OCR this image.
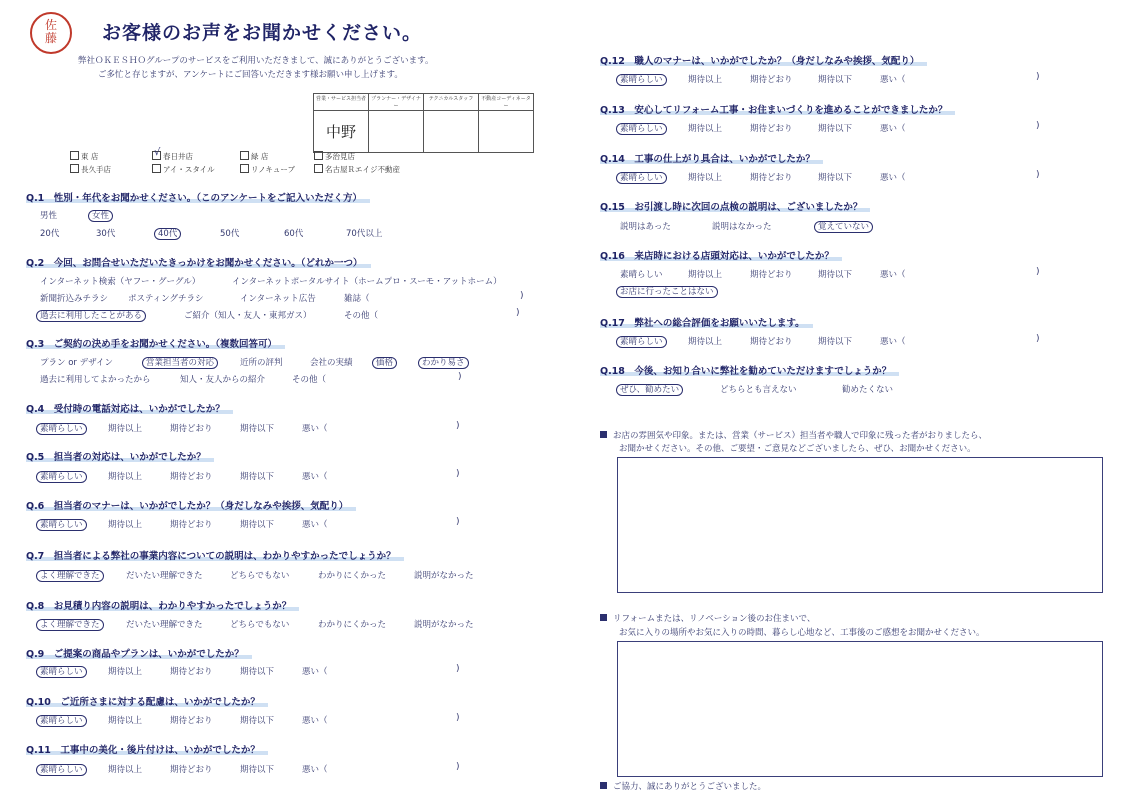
佐藤 お客様のお声をお聞かせください。
弊社ＯＫＥＳＨＯグループのサービスをご利用いただきまして、誠にありがとうございます。
ご多忙と存じますが、アンケートにご回答いただきます様お願い申し上げます。
営業・サービス担当者	プランナー・デザイナー	テクニカルスタッフ	不動産コーディネーター
中野			
東 店	√ 春日井店	緑 店	多治見店
長久手店	アイ・スタイル	リノキューブ	名古屋Ｒエイジ不動産
Q.1　性別・年代をお聞かせください。（このアンケートをご記入いただく方）
男性	女性
20代	30代	40代	50代	60代	70代以上
Q.2　今回、お問合せいただいたきっかけをお聞かせください。（どれか一つ）
インターネット検索（ヤフー・グーグル）	インターネットポータルサイト（ホームプロ・スーモ・アットホーム）
新聞折込みチラシ ポスティングチラシ	インターネット広告	雑誌（	)
過去に利用したことがある	ご紹介（知人・友人・東邦ガス）	その他（	)
Q.3　ご契約の決め手をお聞かせください。（複数回答可）
プラン or デザイン	営業担当者の対応	近所の評判	会社の実績	価格	わかり易さ
過去に利用してよかったから	知人・友人からの紹介	その他（	)
Q.4　受付時の電話対応は、いかがでしたか？
素晴らしい	期待以上	期待どおり	期待以下	悪い（	)
Q.5　担当者の対応は、いかがでしたか？
素晴らしい	期待以上	期待どおり	期待以下	悪い（	)
Q.6　担当者のマナーは、いかがでしたか？（身だしなみや挨拶、気配り）
素晴らしい	期待以上	期待どおり	期待以下	悪い（	)
Q.7　担当者による弊社の事業内容についての説明は、わかりやすかったでしょうか？
よく理解できた	だいたい理解できた	どちらでもない	わかりにくかった	説明がなかった
Q.8　お見積り内容の説明は、わかりやすかったでしょうか？
よく理解できた	だいたい理解できた	どちらでもない	わかりにくかった	説明がなかった
Q.9　ご提案の商品やプランは、いかがでしたか？
素晴らしい	期待以上	期待どおり	期待以下	悪い（	)
Q.10　ご近所さまに対する配慮は、いかがでしたか？
素晴らしい	期待以上	期待どおり	期待以下	悪い（	)
Q.11　工事中の美化・後片付けは、いかがでしたか？
素晴らしい	期待以上	期待どおり	期待以下	悪い（	)
Q.12　職人のマナーは、いかがでしたか？（身だしなみや挨拶、気配り）
素晴らしい	期待以上	期待どおり	期待以下	悪い（	)
Q.13　安心してリフォーム工事・お住まいづくりを進めることができましたか？
素晴らしい	期待以上	期待どおり	期待以下	悪い（	)
Q.14　工事の仕上がり具合は、いかがでしたか？
素晴らしい	期待以上	期待どおり	期待以下	悪い（	)
Q.15　お引渡し時に次回の点検の説明は、ございましたか？
説明はあった	説明はなかった	覚えていない
Q.16　来店時における店頭対応は、いかがでしたか？
素晴らしい	期待以上	期待どおり	期待以下	悪い（	)
お店に行ったことはない
Q.17　弊社への総合評価をお願いいたします。
素晴らしい	期待以上	期待どおり	期待以下	悪い（	)
Q.18　今後、お知り合いに弊社を勧めていただけますでしょうか？
ぜひ、勧めたい	どちらとも言えない	勧めたくない
お店の雰囲気や印象。または、営業（サービス）担当者や職人で印象に残った者がおりましたら、
お聞かせください。その他、ご要望・ご意見などございましたら、ぜひ、お聞かせください。
リフォームまたは、リノベーション後のお住まいで、
お気に入りの場所やお気に入りの時間、暮らし心地など、工事後のご感想をお聞かせください。
ご協力、誠にありがとうございました。
